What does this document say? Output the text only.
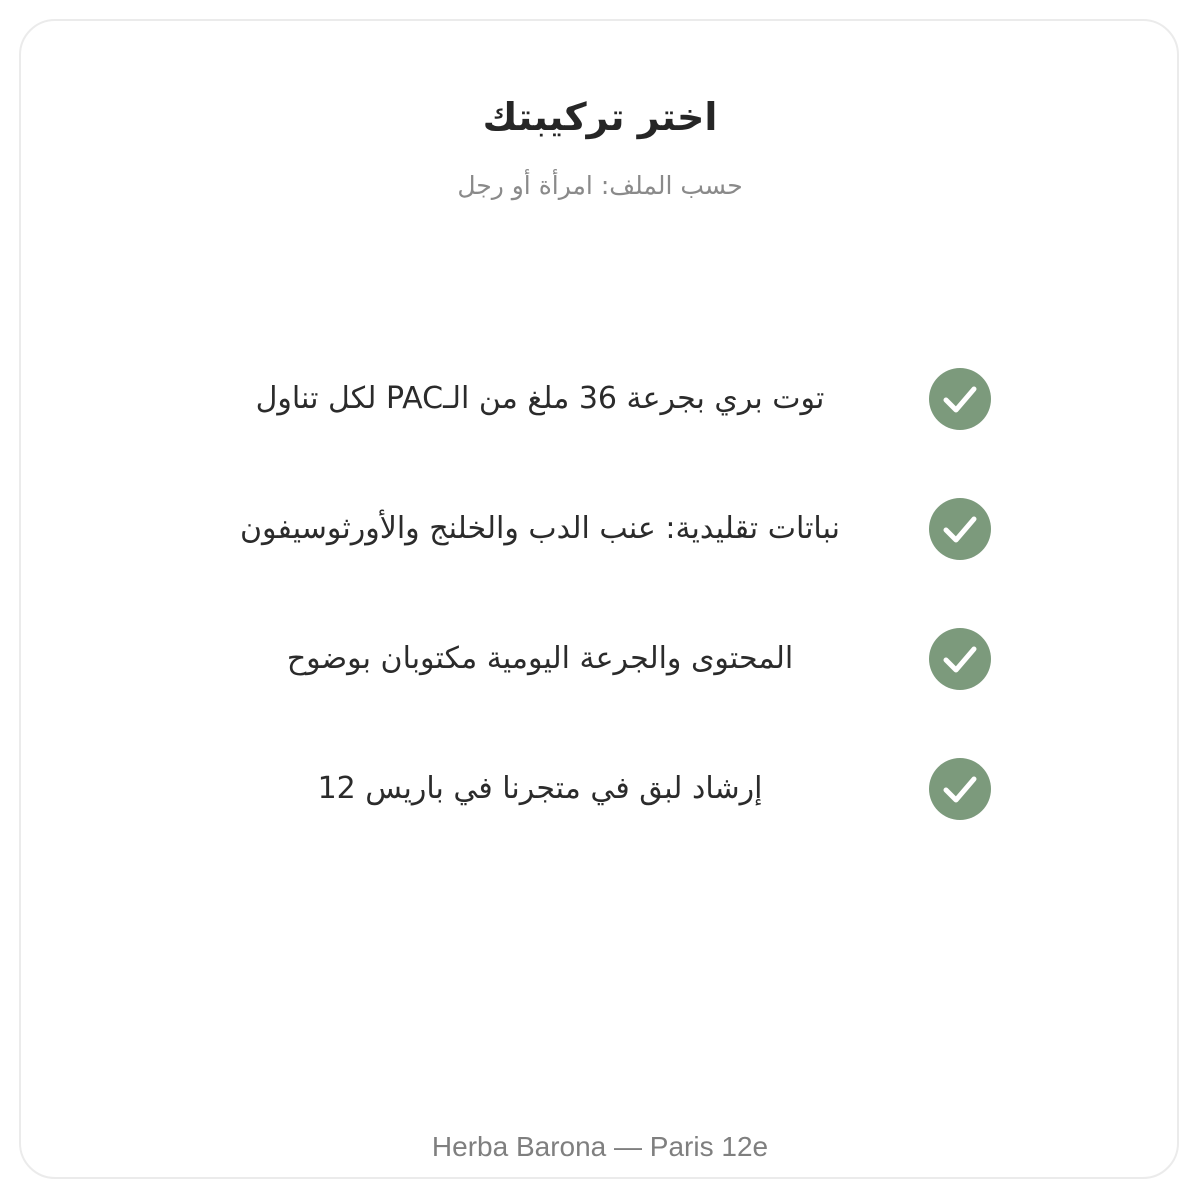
اختر تركيبتك
حسب الملف: امرأة أو رجل
توت بري بجرعة 36 ملغ من الـPAC لكل تناول
نباتات تقليدية: عنب الدب والخلنج والأورثوسيفون
المحتوى والجرعة اليومية مكتوبان بوضوح
إرشاد لبق في متجرنا في باريس 12
Herba Barona — Paris 12e
